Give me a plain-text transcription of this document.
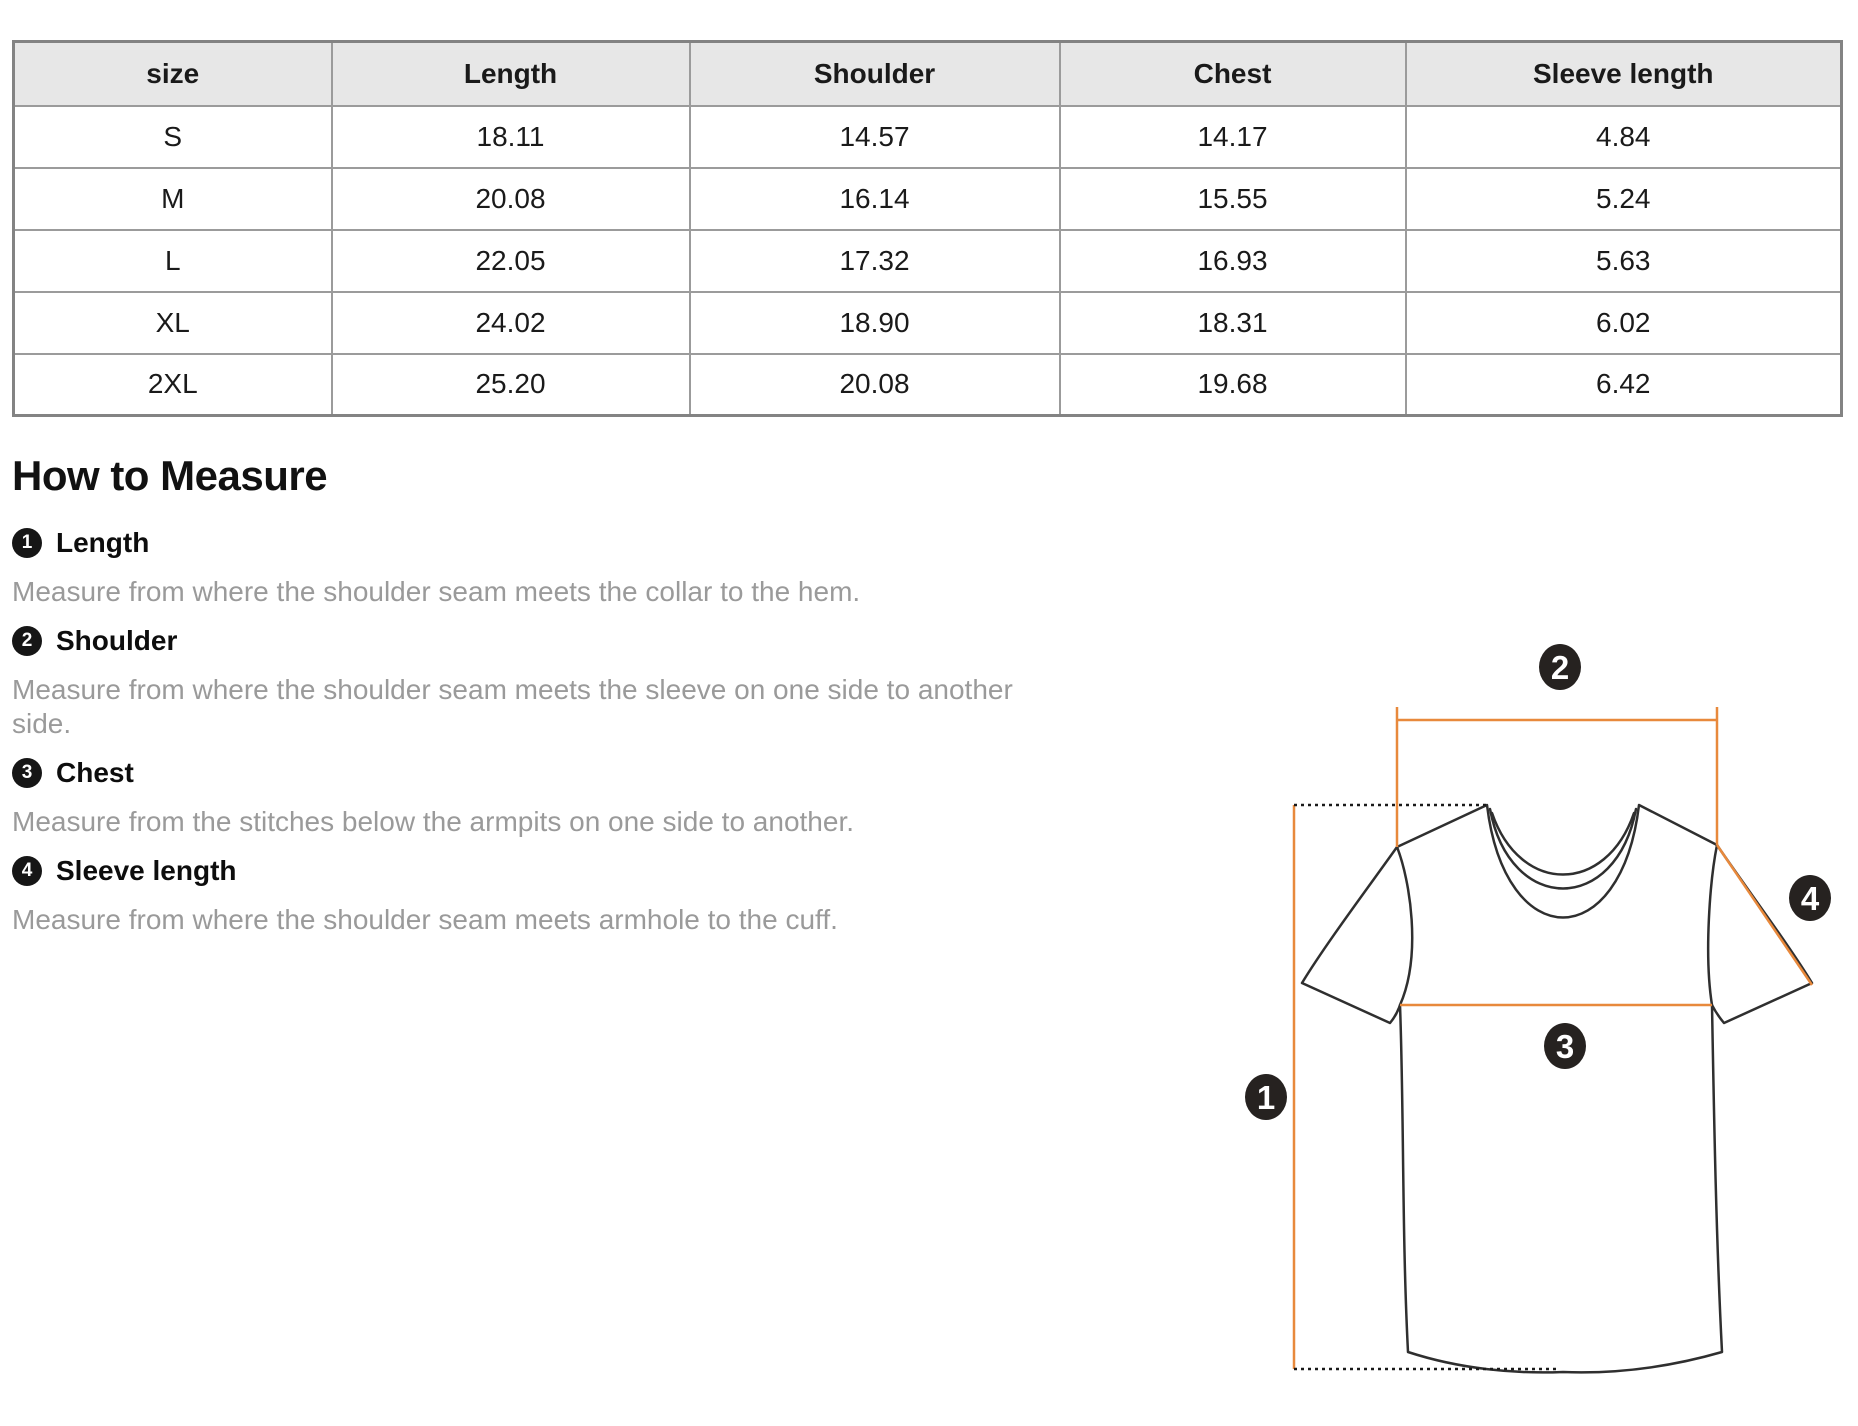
size	Length	Shoulder	Chest	Sleeve length
S	18.11	14.57	14.17	4.84
M	20.08	16.14	15.55	5.24
L	22.05	17.32	16.93	5.63
XL	24.02	18.90	18.31	6.02
2XL	25.20	20.08	19.68	6.42
How to Measure
1 Length
Measure from where the shoulder seam meets the collar to the hem.
2 Shoulder
Measure from where the shoulder seam meets the sleeve on one side to another side.
3 Chest
Measure from the stitches below the armpits on one side to another.
4 Sleeve length
Measure from where the shoulder seam meets armhole to the cuff.
1
2
3
4
